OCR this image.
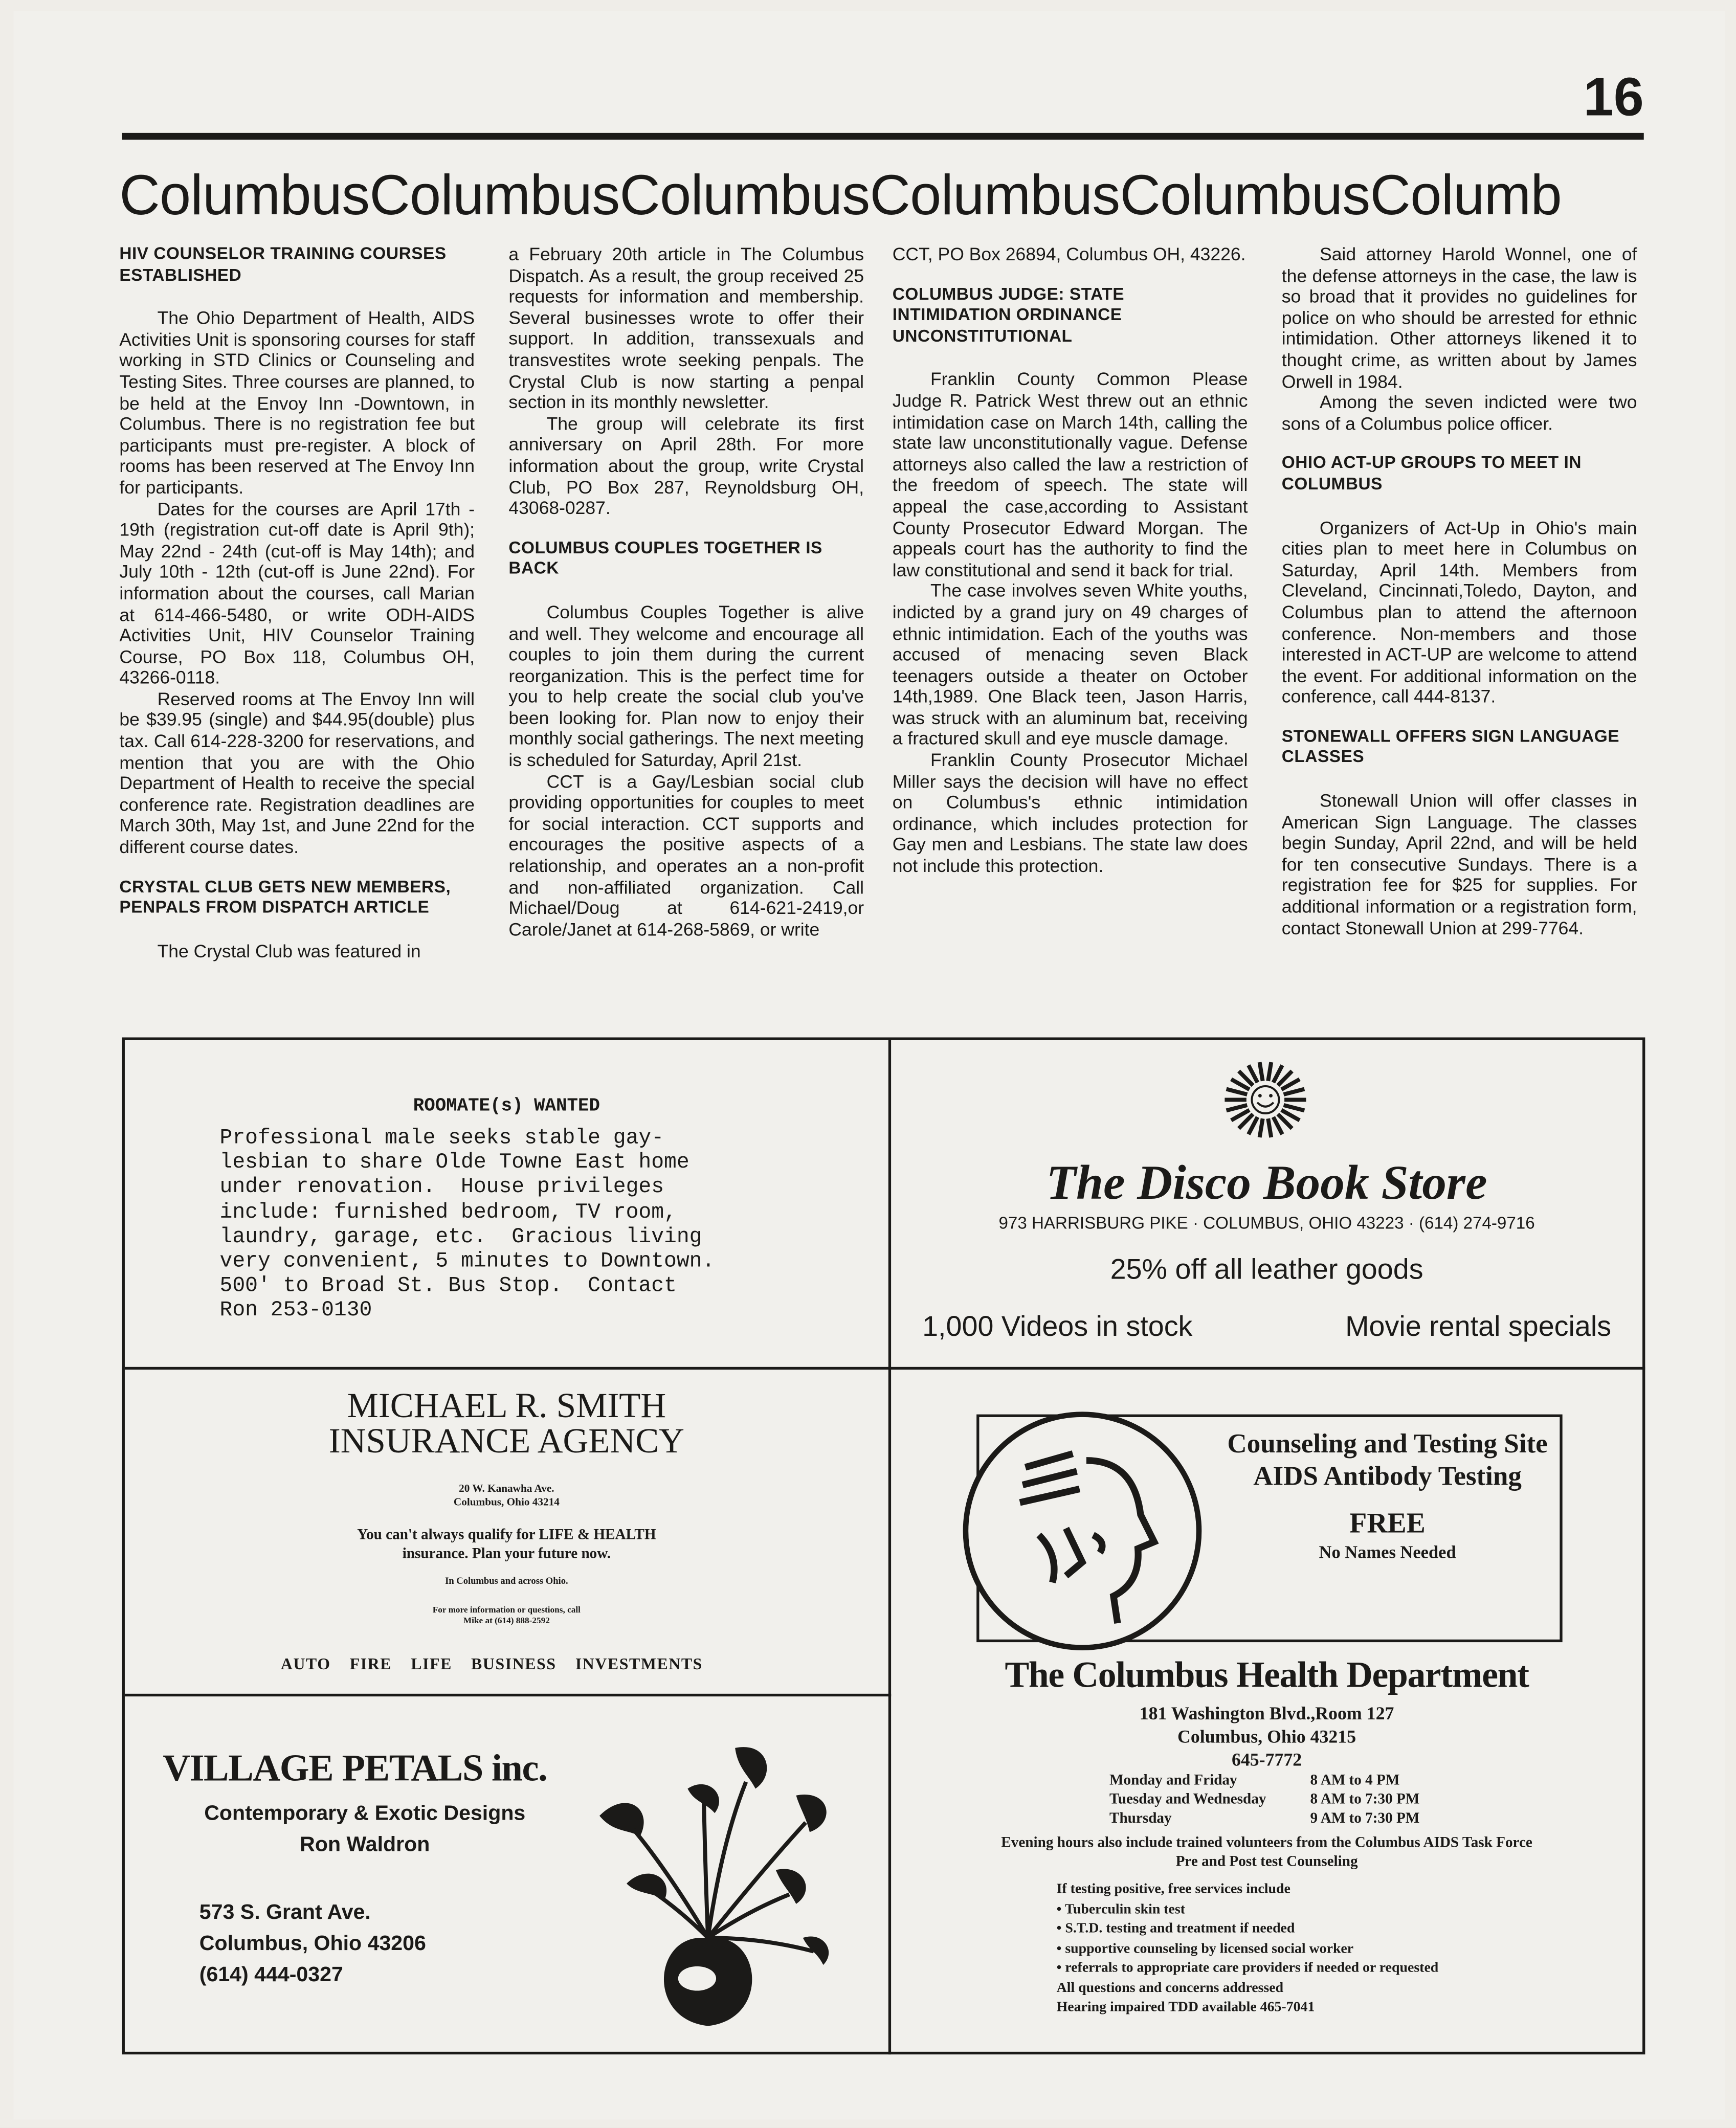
16
ColumbusColumbusColumbusColumbusColumbusColumb
HIV COUNSELOR TRAINING COURSES ESTABLISHED

The Ohio Department of Health, AIDS Activities Unit is sponsoring courses for staff working in STD Clinics or Counseling and Testing Sites. Three courses are planned, to be held at the Envoy Inn -Downtown, in Columbus. There is no registration fee but participants must pre-register. A block of rooms has been reserved at The Envoy Inn for participants.

Dates for the courses are April 17th - 19th (registration cut-off date is April 9th); May 22nd - 24th (cut-off is May 14th); and July 10th - 12th (cut-off is June 22nd). For information about the courses, call Marian at 614-466-5480, or write ODH-AIDS Activities Unit, HIV Counselor Training Course, PO Box 118, Columbus OH, 43266-0118.

Reserved rooms at The Envoy Inn will be $39.95 (single) and $44.95(double) plus tax. Call 614-228-3200 for reservations, and mention that you are with the Ohio Department of Health to receive the special conference rate. Registration deadlines are March 30th, May 1st, and June 22nd for the different course dates.

CRYSTAL CLUB GETS NEW MEMBERS, PENPALS FROM DISPATCH ARTICLE

The Crystal Club was featured in

a February 20th article in The Columbus Dispatch. As a result, the group received 25 requests for information and membership. Several businesses wrote to offer their support. In addition, transsexuals and transvestites wrote seeking penpals. The Crystal Club is now starting a penpal section in its monthly newsletter.

The group will celebrate its first anniversary on April 28th. For more information about the group, write Crystal Club, PO Box 287, Reynoldsburg OH, 43068-0287.

COLUMBUS COUPLES TOGETHER IS BACK

Columbus Couples Together is alive and well. They welcome and encourage all couples to join them during the current reorganization. This is the perfect time for you to help create the social club you've been looking for. Plan now to enjoy their monthly social gatherings. The next meeting is scheduled for Saturday, April 21st.

CCT is a Gay/Lesbian social club providing opportunities for couples to meet for social interaction. CCT supports and encourages the positive aspects of a relationship, and operates an a non-profit and non-affiliated organization. Call Michael/Doug at 614-621-2419,or Carole/Janet at 614-268-5869, or write

CCT, PO Box 26894, Columbus OH, 43226.

COLUMBUS JUDGE: STATE INTIMIDATION ORDINANCE UNCONSTITUTIONAL

Franklin County Common Please Judge R. Patrick West threw out an ethnic intimidation case on March 14th, calling the state law unconstitutionally vague. Defense attorneys also called the law a restriction of the freedom of speech. The state will appeal the case,according to Assistant County Prosecutor Edward Morgan. The appeals court has the authority to find the law constitutional and send it back for trial.

The case involves seven White youths, indicted by a grand jury on 49 charges of ethnic intimidation. Each of the youths was accused of menacing seven Black teenagers outside a theater on October 14th,1989. One Black teen, Jason Harris, was struck with an aluminum bat, receiving a fractured skull and eye muscle damage.

Franklin County Prosecutor Michael Miller says the decision will have no effect on Columbus's ethnic intimidation ordinance, which includes protection for Gay men and Lesbians. The state law does not include this protection.

Said attorney Harold Wonnel, one of the defense attorneys in the case, the law is so broad that it provides no guidelines for police on who should be arrested for ethnic intimidation. Other attorneys likened it to thought crime, as written about by James Orwell in 1984.

Among the seven indicted were two sons of a Columbus police officer.

OHIO ACT-UP GROUPS TO MEET IN COLUMBUS

Organizers of Act-Up in Ohio's main cities plan to meet here in Columbus on Saturday, April 14th. Members from Cleveland, Cincinnati,Toledo, Dayton, and Columbus plan to attend the afternoon conference. Non-members and those interested in ACT-UP are welcome to attend the event. For additional information on the conference, call 444-8137.

STONEWALL OFFERS SIGN LANGUAGE CLASSES

Stonewall Union will offer classes in American Sign Language. The classes begin Sunday, April 22nd, and will be held for ten consecutive Sundays. There is a registration fee for $25 for supplies. For additional information or a registration form, contact Stonewall Union at 299-7764.

ROOMATE(s) WANTED
Professional male seeks stable gay-
lesbian to share Olde Towne East home
under renovation.  House privileges
include: furnished bedroom, TV room,
laundry, garage, etc.  Gracious living
very convenient, 5 minutes to Downtown.
500' to Broad St. Bus Stop.  Contact
Ron 253-0130
The Disco Book Store
973 HARRISBURG PIKE · COLUMBUS, OHIO 43223 · (614) 274-9716
25% off all leather goods
1,000 Videos in stock	Movie rental specials
MICHAEL R. SMITH
INSURANCE AGENCY
20 W. Kanawha Ave.
Columbus, Ohio 43214
You can't always qualify for LIFE & HEALTH
insurance. Plan your future now.
In Columbus and across Ohio.
For more information or questions, call
Mike at (614) 888-2592
AUTO	FIRE	LIFE	BUSINESS	INVESTMENTS
VILLAGE PETALS inc.
Contemporary & Exotic Designs
Ron Waldron
573 S. Grant Ave.
Columbus, Ohio 43206
(614) 444-0327
Counseling and Testing Site
AIDS Antibody Testing
FREE
No Names Needed
The Columbus Health Department
181 Washington Blvd.,Room 127
Columbus, Ohio 43215
645-7772
Monday and Friday	8 AM to 4 PM
Tuesday and Wednesday	8 AM to 7:30 PM
Thursday	9 AM to 7:30 PM
Evening hours also include trained volunteers from the Columbus AIDS Task Force
Pre and Post test Counseling
If testing positive, free services include
• Tuberculin skin test
• S.T.D. testing and treatment if needed
• supportive counseling by licensed social worker
• referrals to appropriate care providers if needed or requested
All questions and concerns addressed
Hearing impaired TDD available 465-7041
